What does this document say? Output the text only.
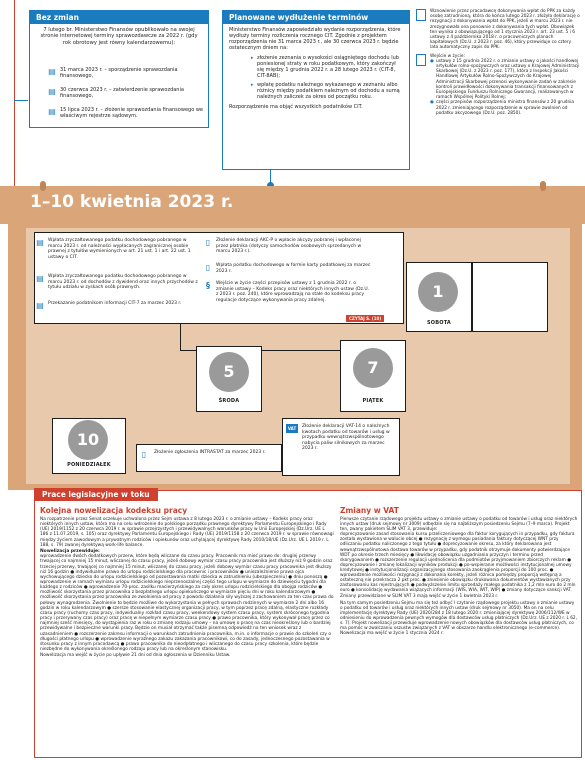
Bez zmian
7 lutego br. Ministerstwo Finansów opublikowało na swojej stronie internetowej terminy sprawozdawcze za 2022 r. (gdy rok obrotowy jest równy kalendarzowemu):
▤ 31 marca 2023 r. – sporządzenie sprawozdania finansowego,
▤ 30 czerwca 2023 r. – zatwierdzenie sprawozdania finansowego,
▤ 15 lipca 2023 r. – złożenie sprawozdania finansowego we właściwym rejestrze sądowym.
Planowane wydłużenie terminów
Ministerstwo Finansów zapowiedziało wydanie rozporządzenia, które wydłuży terminy rozliczenia rocznego CIT. Zgodnie z projektem rozporządzenia nie 31 marca 2023 r., ale 30 czerwca 2023 r. będzie ostatecznym dniem na:
▸ złożenie zeznania o wysokości osiągniętego dochodu lub poniesionej straty w roku podatkowym, który zakończył się między 1 grudnia 2022 r. a 28 lutego 2023 r. (CIT-8, CIT-8AB);
▸ wpłatę podatku należnego wykazanego w zeznaniu albo różnicy między podatkiem należnym od dochodu a sumą należnych zaliczek za okres od początku roku.
Rozporządzenie ma objąć wszystkich podatników CIT.
Wznowienie przez pracodawcę dokonywania wpłat do PPK za każdy osobę zatrudnioną, która do końca lutego 2023 r. złożyła deklarację o rezygnacji z dokonywania wpłat do PPK, jeżeli w marcu 2023 r. nie zrezygnowała ona ponownie z dokonywania tych wpłat. Obowiązek ten wynika z obowiązującego od 1 stycznia 2023 r. art. 23 ust. 5 i 6 ustawy z 4 października 2018 r. o pracowniczych planach kapitałowych (Dz.U. z 2023 r. poz. 46), który przewiduje co cztery lata automatyczny zapis do PPK.
Wejście w życie:
● ustawy z 15 grudnia 2022 r. o zmianie ustawy o jakości handlowej artykułów rolno-spożywczych oraz ustawy o Krajowej Administracji Skarbowej (Dz.U. z 2023 r. poz. 177), która z Inspekcji Jakości Handlowej Artykułów Rolno-Spożywczych do Krajowej Administracji Skarbowej przenosi wykonywanie zadań w zakresie kontroli prawidłowości dokonywania transakcji finansowanych z Europejskiego Funduszu Rolniczego Gwarancji, realizowanych w ramach Wspólnej Polityki Rolnej;
● części przepisów rozporządzenia ministra finansów z 20 grudnia 2022 r. zmieniającego rozporządzenie w sprawie zwolnień od podatku akcyzowego (Dz.U. poz. 2850).
1–10 kwietnia 2023 r.
▤ Wpłata zryczałtowanego podatku dochodowego pobranego w marcu 2023 r. od należności wypłacanych zagranicznej osobie prawnej z tytułów wymienionych w art. 21 ust. 1 i art. 22 ust. 1 ustawy o CIT.
▤ Wpłata zryczałtowanego podatku dochodowego pobranego w marcu 2023 r. od dochodów z dywidend oraz innych przychodów z tytułu udziału w zyskach osób prawnych.
▤ Przekazanie podatnikom informacji CIT-7 za marzec 2023 r.
▯	Złożenie deklaracji AKC-P o wpłacie akcyzy pobranej i wpłaconej przez płatnika (dotyczy samochodów osobowych sprzedanych w marcu 2023 r.).
▯	Wpłata podatku dochodowego w formie karty podatkowej za marzec 2023 r.
§	Wejście w życie części przepisów ustawy z 1 grudnia 2022 r. o zmianie ustawy – Kodeks pracy oraz niektórych innych ustaw (Dz.U. z 2023 r. poz. 240), które wprowadzają na stałe do kodeksu pracy regulacje dotyczące wykonywania pracy zdalnej.
CZYTAJ S. (10)
1
SOBOTA
5
ŚRODA
7
PIĄTEK
10
PONIEDZIAŁEK
▯	Złożenie zgłoszenia INTRASTAT za marzec 2023 r.
VAT	Złożenie deklaracji VAT-14 o należnych kwotach podatku od towarów i usług w przypadku wewnątrzwspólnotowego nabycia paliw silnikowych za marzec 2023 r.
Prace legislacyjne w toku
Kolejna nowelizacja kodeksu pracy
Na rozpatrzenie przez Senat oczekuje uchwalona przez Sejm ustawa z 8 lutego 2023 r. o zmianie ustawy – Kodeks pracy oraz niektórych innych ustaw, która ma na celu wdrożenie do polskiego porządku prawnego dyrektywy Parlamentu Europejskiego i Rady (UE) 2019/1152 z 20 czerwca 2019 r. w sprawie przejrzystych i przewidywalnych warunków pracy w Unii Europejskiej (Dz.Urz. UE L 186 z 11.07.2019, s. 105) oraz dyrektywy Parlamentu Europejskiego i Rady (UE) 2019/1158 z 20 czerwca 2019 r. w sprawie równowagi między życiem zawodowym a prywatnym rodziców i opiekunów oraz uchylającej dyrektywę Rady 2010/18/UE (Dz.Urz. UE L 2019 r. L 188, s. 79) zwanej dyrektywą work-life balance.
Nowelizacja przewiduje:
wprowadzenie dwóch dodatkowych przerw, które będą wliczane do czasu pracy. Pracownik ma mieć prawo do: drugiej przerwy trwającej co najmniej 15 minut, wliczanej do czasu pracy, jeżeli dobowy wymiar czasu pracy pracownika jest dłuższy niż 9 godzin oraz trzeciej przerwy, trwającej co najmniej 15 minut, wliczanej do czasu pracy, jeżeli dobowy wymiar czasu pracy pracownika jest dłuższy niż 16 godzin ● indywidualne prawo do urlopu rodzicielskiego dla pracownic i pracowników ● uniezależnienie prawa ojca wychowującego dziecko do urlopu rodzicielskiego od pozostawania matki dziecka w zatrudnieniu (ubezpieczeniu) ● dniu ponoszą ● wprowadzenie w ramach wymiaru urlopu rodzicielskiego nieprzenoszalnej części tego urlopu w wymiarze do dziewięciu tygodni dla każdego z rodziców ● wprowadzenie 70-proc. zasiłku macierzyńskiego za cały okres urlopu rodzicielskiego dla obojga rodziców ● możliwość skorzystania przez pracownika z bezpłatnego urlopu opiekuńczego w wymiarze pięciu dni w roku kalendarzowym ● możliwość skorzystania przez pracownika ze zwolnienia od pracy z powodu działania siły wyższej z zachowaniem za ten czas prawa do połowy wynagrodzenia. Zwolnienie to będzie możliwe do wykorzystania w pełnych sprawach rodzinnych w wymiarze 2 dni albo 16 godzin w roku kalendarzowym ● szersze stosowanie elastycznej organizacji pracy, w tym poprzez pracę zdalną, elastyczne rozkłady czasu pracy (ruchomy czas pracy, indywidualny rozkład czasu pracy, weekendowy system czasu pracy, system skróconego tygodnia pracy i przerywany czas pracy) oraz pracę w niepełnym wymiarze czasu pracy ● prawo pracownika, który wykonywał pracę przez co najmniej sześć miesięcy, do wystąpienia raz w roku o zmianę rodzaju umowy – na umowę o pracę na czas nieokreślony lub o bardziej przewidywalne i bezpieczne warunki pracy. Będzie on musiał otrzymać także pisemną odpowiedź na ten wniosek wraz z uzasadnieniem ● rozszerzenie zakresu informacji o warunkach zatrudnienia pracownika, m.in. o informacje o prawie do szkoleń czy o długości płatnego urlopu ● wprowadzenie wyraźnego zakazu zakazania pracownikowi, co do zasady, jednoczesnego pozostawania w stosunku pracy z innym pracodawcą ● prawo pracownika do nieodpłatnego i wliczanego do czasu pracy szkolenia, które będzie niezbędne do wykonywania określonego rodzaju pracy lub na określonym stanowisku.
Nowelizacja ma wejść w życie po upływie 21 dni od dnia ogłoszenia w Dzienniku Ustaw.
Zmiany w VAT
Pierwsze czytanie rządowego projektu ustawy o zmianie ustawy o podatku od towarów i usług oraz niektórych innych ustaw (druk sejmowy nr 3009) odbędzie się na najbliższym posiedzeniu Sejmu (7–9 marca). Projekt ten, zwany pakietem SLIM VAT 3, przewiduje:
doprecyzowanie zasad stosowania kursu przeliczeniowego dla faktur korygujących in przypadku, gdy faktura została wystawiona w walucie obcej ● rezygnację z wymogu posiadania faktury dotyczącej WNT przy odliczaniu podatku naliczonego z tego tytułu ● doprecyzowanie okresu, za który deklarowana jest wewnątrzwspólnotowa dostawa towarów w przypadku, gdy podatnik otrzymuje dokumenty potwierdzające WDT po okresie trzech miesięcy ● likwidację obowiązku uzgadniania przyczyn i terminu przed skorygowaniem ● rozszerzenie regulacji ujednolicenia dla podmiotów przyjmowaniem zbiorczych reklam ● doprecyzowanie i zmianę lokalizacji wyników produkcji ● po-wspieranie możliwości instytucjonalnej umowy kredytowej ● instytucjonalizacji organizacyjnego stosowania zaokrąglenia proporcji do 100 proc. ● wprowadzenie możliwości rezygnacji z dokonania korekty, jeżeli różnica pomiędzy proporcją wstępną a ostateczną nie przekracza 2 pkt proc. ● zniesienie obowiązku drukowania dokumentów wystawianych przy zastosowaniu kas rejestrujących ● podwyższenie limitu sprzedaży małego podatnika z 1,2 mln euro do 2 mln euro ● konsolidację wydawania wiążących informacji (WIS, WIA, WIT, WIP) ● zmiany dotyczące sankcji VAT.
Zmiany przewidziane w SLIM VAT 3 mają wejść w życie 1 kwietnia 2023 r.
Na tym samym posiedzeniu Sejmu ma się też odbyć I czytanie rządowego projektu ustawy o zmianie ustawy o podatku od towarów i usług oraz niektórych innych ustaw (druk sejmowy nr 3050). Ma on na celu implementację dyrektywy Rady (UE) 2020/284 z 18 lutego 2020 r. zmieniającej dyrektywę 2006/112/WE w odniesieniu do wprowadzenia pewnych wymogów dla dostawców usług płatniczych (Dz.Urz. UE z 2020 r. L 62, s. 7). Projekt nowelizacji przewiduje wprowadzenie nowych obowiązków dla dostawców usług płatniczych, co ma pomóc w zwalczaniu oszustw związanych z VAT w obszarze handlu elektronicznego (e-commerce). Nowelizacja ma wejść w życie 1 stycznia 2024 r.
